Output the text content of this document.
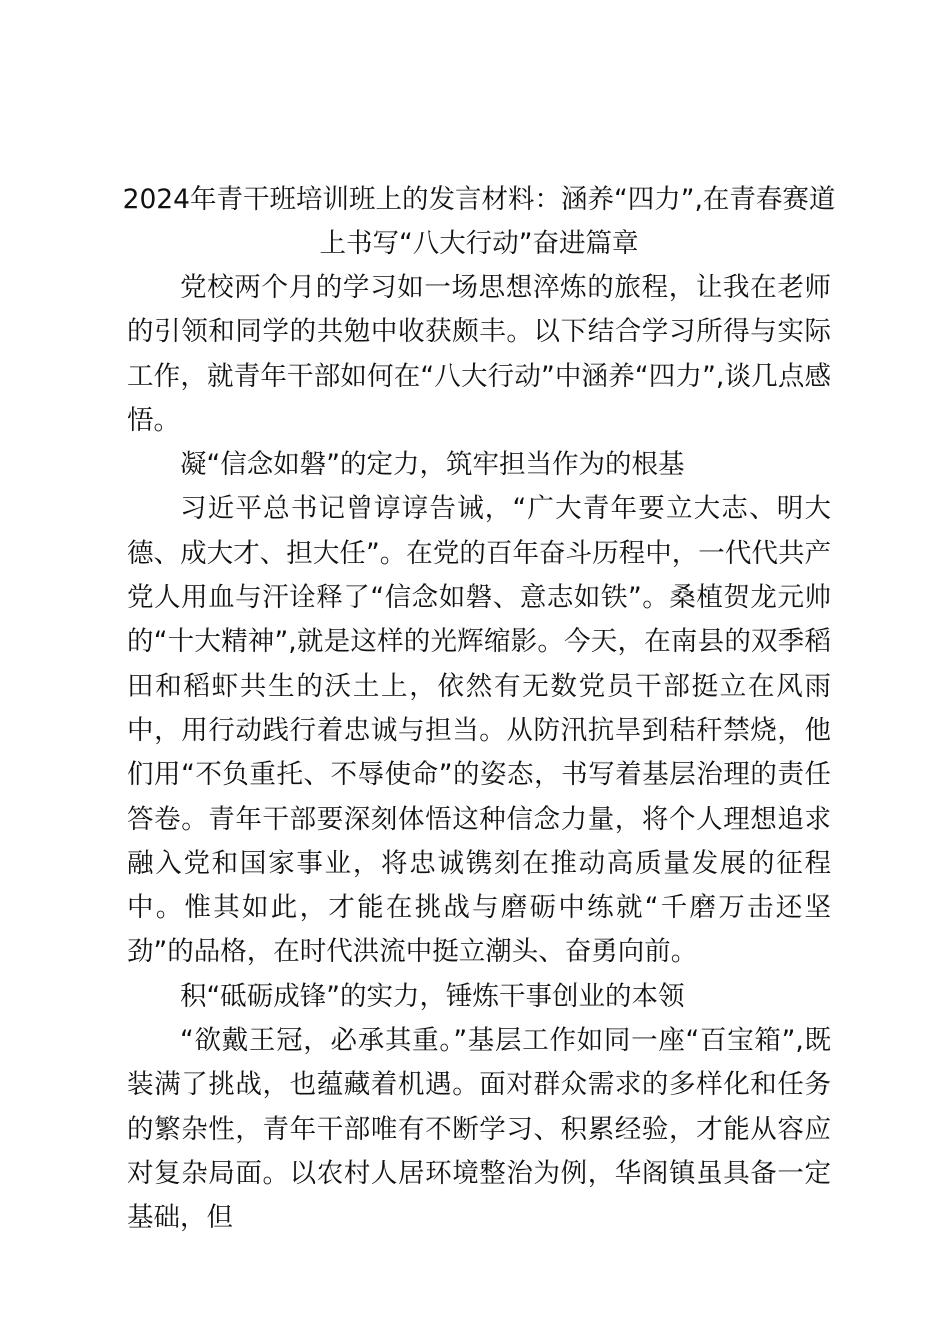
2024年青干班培训班上的发言材料：涵养“四力”,在青春赛道上书写“八大行动”奋进篇章

党校两个月的学习如一场思想淬炼的旅程，让我在老师的引领和同学的共勉中收获颇丰。以下结合学习所得与实际工作，就青年干部如何在“八大行动”中涵养“四力”,谈几点感悟。

凝“信念如磐”的定力，筑牢担当作为的根基

习近平总书记曾谆谆告诫，“广大青年要立大志、明大德、成大才、担大任”。在党的百年奋斗历程中，一代代共产党人用血与汗诠释了“信念如磐、意志如铁”。桑植贺龙元帅的“十大精神”,就是这样的光辉缩影。今天，在南县的双季稻田和稻虾共生的沃土上，依然有无数党员干部挺立在风雨中，用行动践行着忠诚与担当。从防汛抗旱到秸秆禁烧，他们用“不负重托、不辱使命”的姿态，书写着基层治理的责任答卷。青年干部要深刻体悟这种信念力量，将个人理想追求融入党和国家事业，将忠诚镌刻在推动高质量发展的征程中。惟其如此，才能在挑战与磨砺中练就“千磨万击还坚劲”的品格，在时代洪流中挺立潮头、奋勇向前。

积“砥砺成锋”的实力，锤炼干事创业的本领

“欲戴王冠，必承其重。”基层工作如同一座“百宝箱”,既装满了挑战，也蕴藏着机遇。面对群众需求的多样化和任务的繁杂性，青年干部唯有不断学习、积累经验，才能从容应对复杂局面。以农村人居环境整治为例，华阁镇虽具备一定基础，但
